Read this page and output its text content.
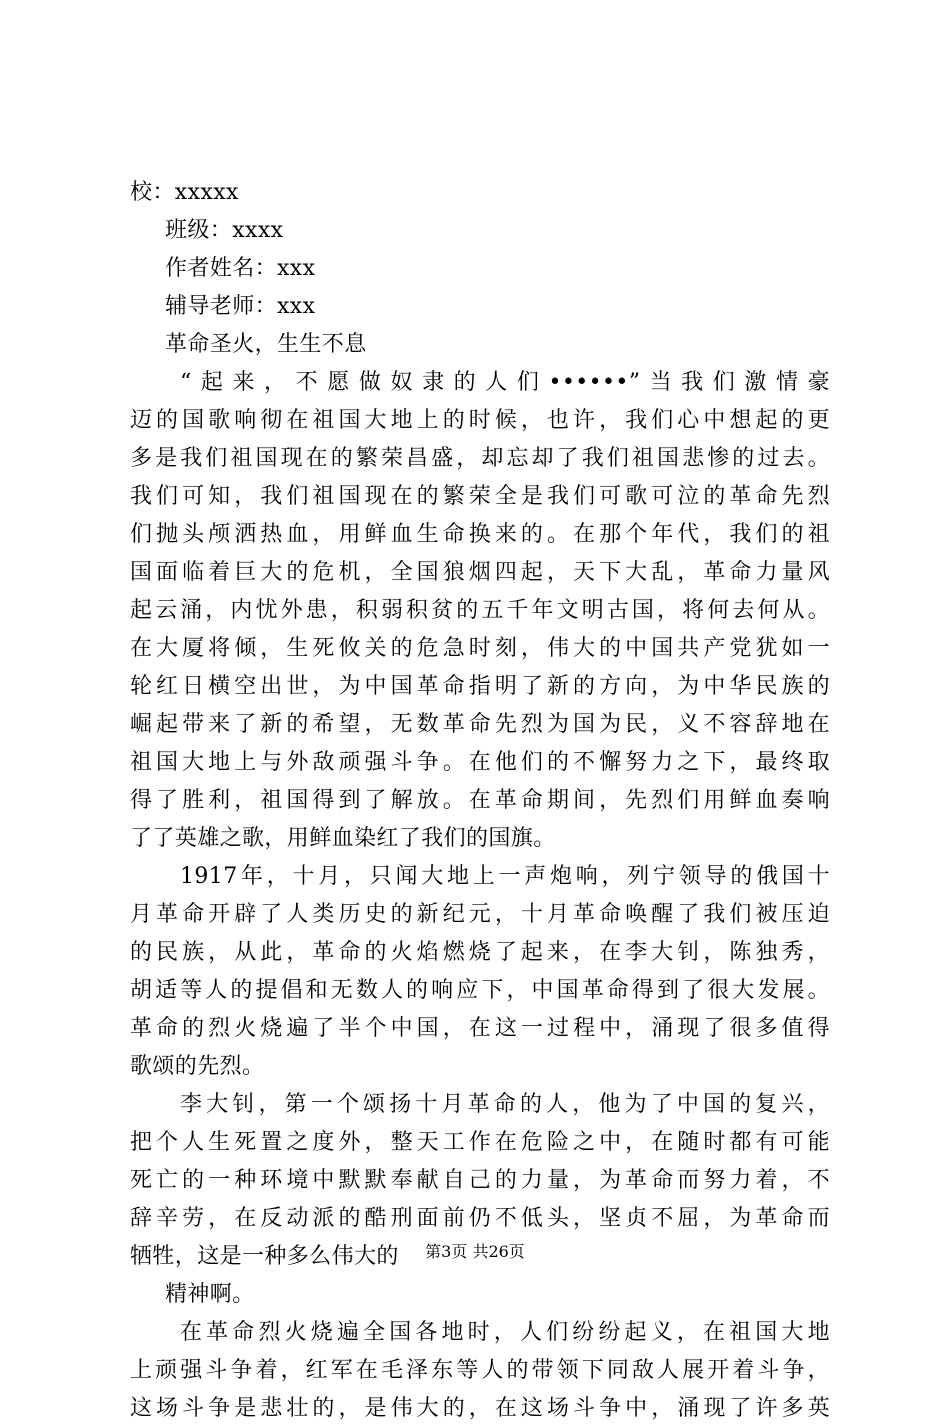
校：xxxxx
班级：xxxx
作者姓名：xxx
辅导老师：xxx
革命圣火，生生不息
“起来，不愿做奴隶的人们••••••”当我们激情豪
迈的国歌响彻在祖国大地上的时候，也许，我们心中想起的更
多是我们祖国现在的繁荣昌盛，却忘却了我们祖国悲惨的过去。
我们可知，我们祖国现在的繁荣全是我们可歌可泣的革命先烈
们抛头颅洒热血，用鲜血生命换来的。在那个年代，我们的祖
国面临着巨大的危机，全国狼烟四起，天下大乱，革命力量风
起云涌，内忧外患，积弱积贫的五千年文明古国，将何去何从。
在大厦将倾，生死攸关的危急时刻，伟大的中国共产党犹如一
轮红日横空出世，为中国革命指明了新的方向，为中华民族的
崛起带来了新的希望，无数革命先烈为国为民，义不容辞地在
祖国大地上与外敌顽强斗争。在他们的不懈努力之下，最终取
得了胜利，祖国得到了解放。在革命期间，先烈们用鲜血奏响
了了英雄之歌，用鲜血染红了我们的国旗。
1917年，十月，只闻大地上一声炮响，列宁领导的俄国十
月革命开辟了人类历史的新纪元，十月革命唤醒了我们被压迫
的民族，从此，革命的火焰燃烧了起来，在李大钊，陈独秀，
胡适等人的提倡和无数人的响应下，中国革命得到了很大发展。
革命的烈火烧遍了半个中国，在这一过程中，涌现了很多值得
歌颂的先烈。
李大钊，第一个颂扬十月革命的人，他为了中国的复兴，
把个人生死置之度外，整天工作在危险之中，在随时都有可能
死亡的一种环境中默默奉献自己的力量，为革命而努力着，不
辞辛劳，在反动派的酷刑面前仍不低头，坚贞不屈，为革命而
牺牲，这是一种多么伟大的
精神啊。
在革命烈火烧遍全国各地时，人们纷纷起义，在祖国大地
上顽强斗争着，红军在毛泽东等人的带领下同敌人展开着斗争，
这场斗争是悲壮的，是伟大的，在这场斗争中，涌现了许多英
第3页 共26页
